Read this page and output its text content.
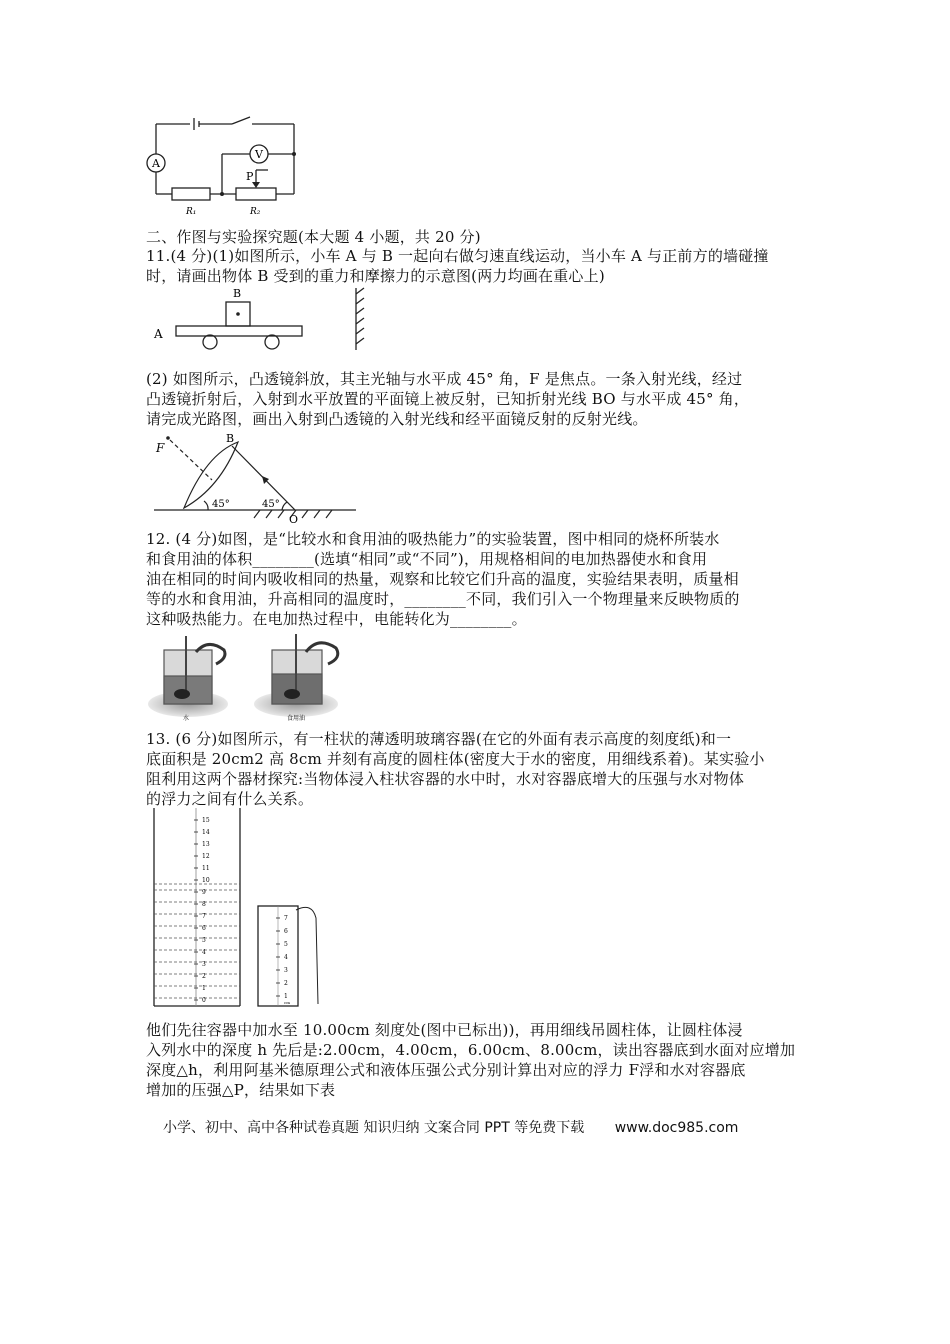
A
V
P
R₁	R₂

二、作图与实验探究题(本大题 4 小题，共 20 分)

11.(4 分)(1)如图所示，小车 A 与 B 一起向右做匀速直线运动，当小车 A 与正前方的墙碰撞

时，请画出物体 B 受到的重力和摩擦力的示意图(两力均画在重心上)

A
B

(2) 如图所示，凸透镜斜放，其主光轴与水平成 45° 角，F 是焦点。一条入射光线，经过

凸透镜折射后，入射到水平放置的平面镜上被反射，已知折射光线 BO 与水平成 45° 角，

请完成光路图，画出入射到凸透镜的入射光线和经平面镜反射的反射光线。

F
B
O
45°	45°

12. (4 分)如图，是“比较水和食用油的吸热能力”的实验装置，图中相同的烧杯所装水

和食用油的体积________(选填“相同”或“不同”)，用规格相间的电加热器使水和食用

油在相同的时间内吸收相同的热量，观察和比较它们升高的温度，实验结果表明，质量相

等的水和食用油，升高相同的温度时，________不同，我们引入一个物理量来反映物质的

这种吸热能力。在电加热过程中，电能转化为________。

水	食用油

13. (6 分)如图所示，有一柱状的薄透明玻璃容器(在它的外面有表示高度的刻度纸)和一

底面积是 20cm2 高 8cm 并刻有高度的圆柱体(密度大于水的密度，用细线系着)。某实验小

阻利用这两个器材探究:当物体浸入柱状容器的水中时，水对容器底增大的压强与水对物体

的浮力之间有什么关系。

15
14
13
12
11
10
9
8
7
6
5
4
3
2
1
0
7
6
5
4
3
2
1
cm

他们先往容器中加水至 10.00cm 刻度处(图中已标出))，再用细线吊圆柱体，让圆柱体浸

入列水中的深度 h 先后是:2.00cm，4.00cm，6.00cm、8.00cm，读出容器底到水面对应增加

深度△h，利用阿基米德原理公式和液体压强公式分别计算出对应的浮力 F浮和水对容器底

增加的压强△P，结果如下表

小学、初中、高中各种试卷真题 知识归纳 文案合同 PPT 等免费下载 www.doc985.com
